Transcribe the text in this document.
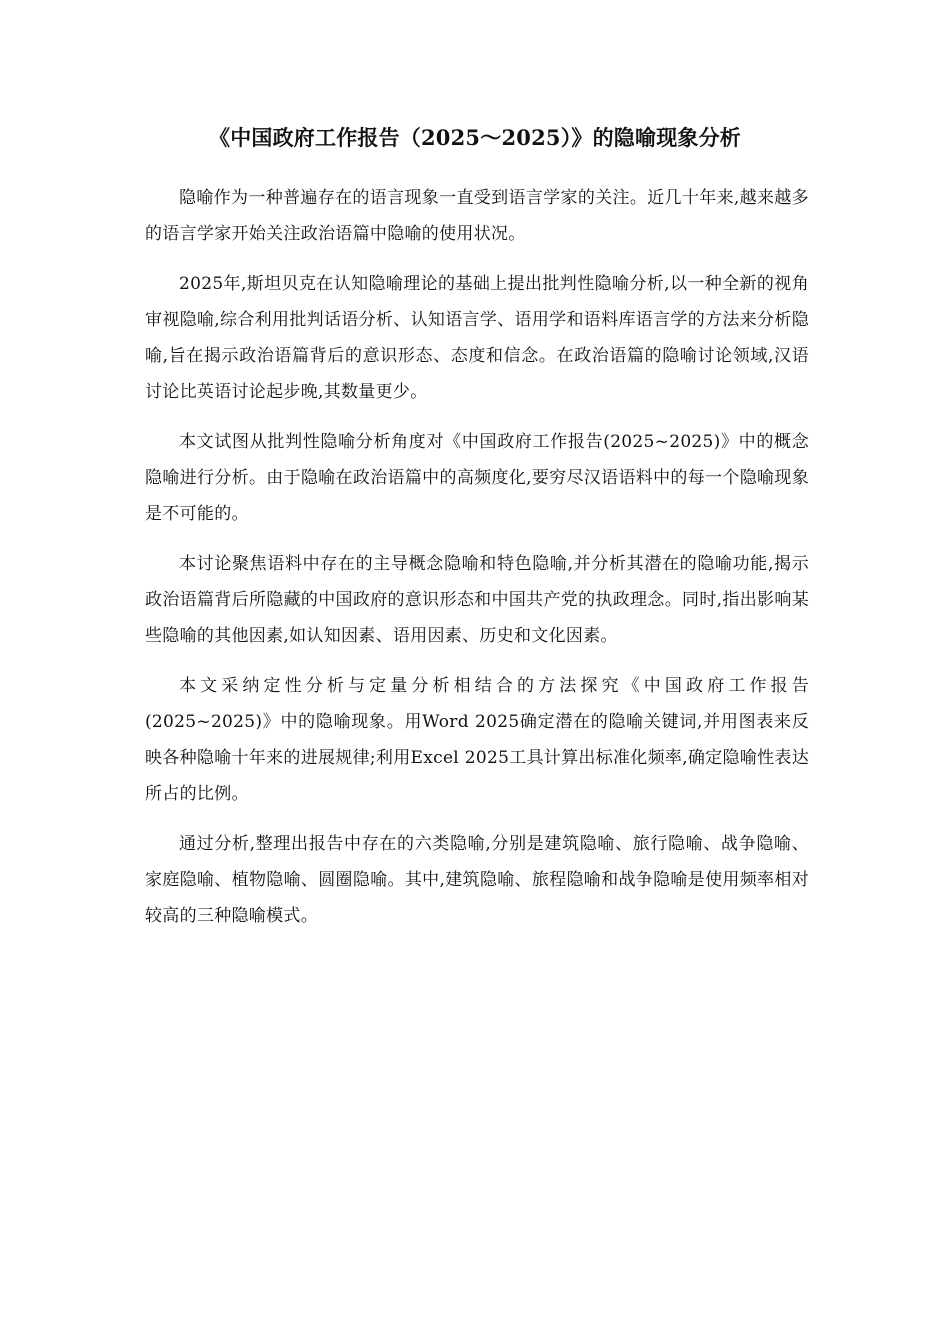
《中国政府工作报告（2025～2025）》的隐喻现象分析

隐喻作为一种普遍存在的语言现象一直受到语言学家的关注。近几十年来,越来越多的语言学家开始关注政治语篇中隐喻的使用状况。

2025年,斯坦贝克在认知隐喻理论的基础上提出批判性隐喻分析,以一种全新的视角审视隐喻,综合利用批判话语分析、认知语言学、语用学和语料库语言学的方法来分析隐喻,旨在揭示政治语篇背后的意识形态、态度和信念。在政治语篇的隐喻讨论领域,汉语讨论比英语讨论起步晚,其数量更少。

本文试图从批判性隐喻分析角度对《中国政府工作报告(2025~2025)》中的概念隐喻进行分析。由于隐喻在政治语篇中的高频度化,要穷尽汉语语料中的每一个隐喻现象是不可能的。

本讨论聚焦语料中存在的主导概念隐喻和特色隐喻,并分析其潜在的隐喻功能,揭示政治语篇背后所隐藏的中国政府的意识形态和中国共产党的执政理念。同时,指出影响某些隐喻的其他因素,如认知因素、语用因素、历史和文化因素。

本文采纳定性分析与定量分析相结合的方法探究《中国政府工作报告(2025~2025)》中的隐喻现象。用Word 2025确定潜在的隐喻关键词,并用图表来反映各种隐喻十年来的进展规律;利用Excel 2025工具计算出标准化频率,确定隐喻性表达所占的比例。

通过分析,整理出报告中存在的六类隐喻,分别是建筑隐喻、旅行隐喻、战争隐喻、家庭隐喻、植物隐喻、圆圈隐喻。其中,建筑隐喻、旅程隐喻和战争隐喻是使用频率相对较高的三种隐喻模式。
